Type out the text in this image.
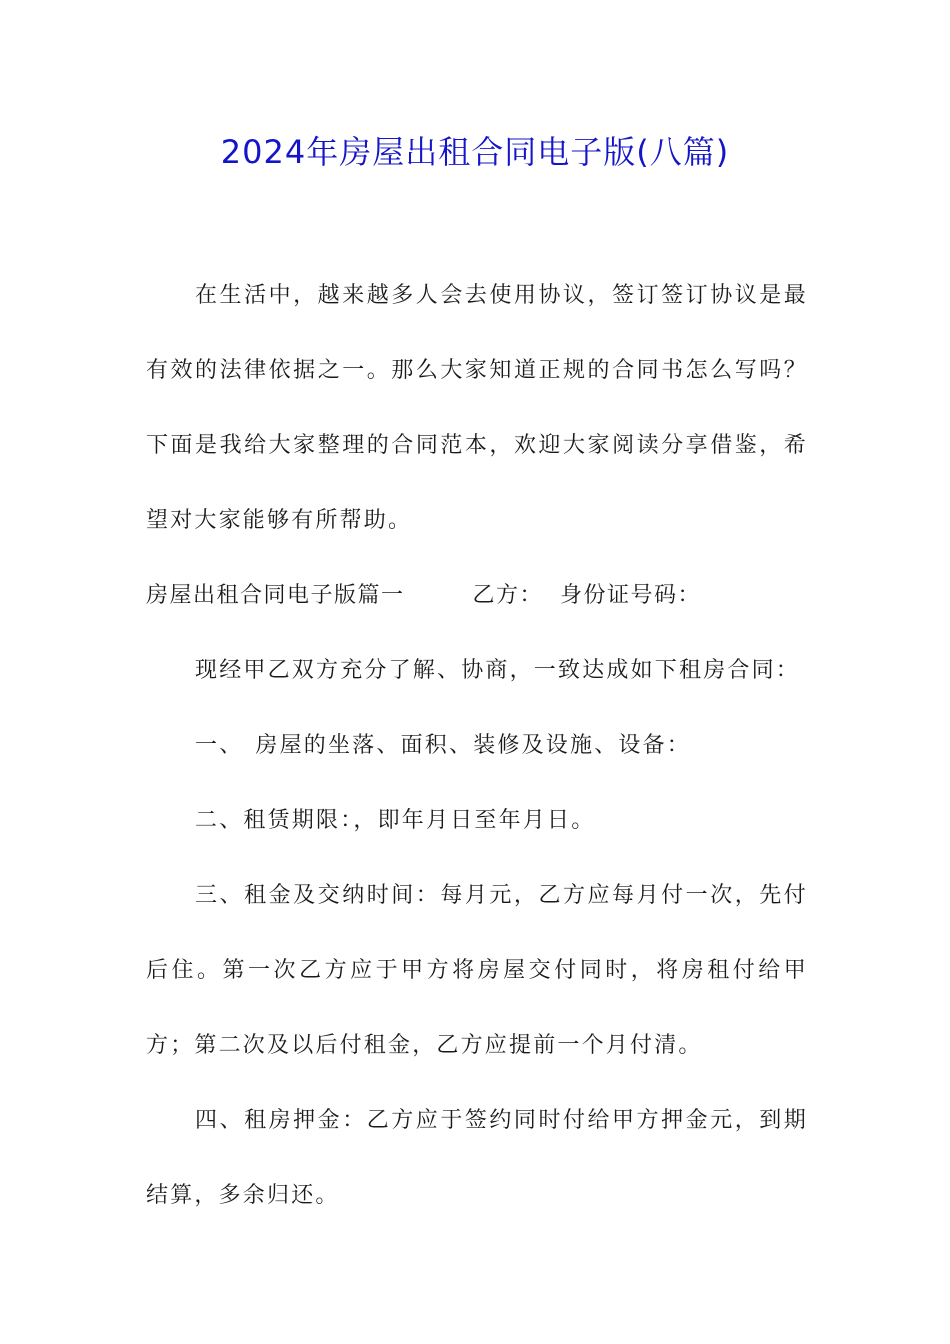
2024年房屋出租合同电子版(八篇)

在生活中，越来越多人会去使用协议，签订签订协议是最有效的法律依据之一。那么大家知道正规的合同书怎么写吗？下面是我给大家整理的合同范本，欢迎大家阅读分享借鉴，希望对大家能够有所帮助。

房屋出租合同电子版篇一	乙方： 身份证号码：

现经甲乙双方充分了解、协商，一致达成如下租房合同：

一、 房屋的坐落、面积、装修及设施、设备：

二、租赁期限：，即年月日至年月日。

三、租金及交纳时间：每月元，乙方应每月付一次，先付后住。第一次乙方应于甲方将房屋交付同时，将房租付给甲方；第二次及以后付租金，乙方应提前一个月付清。

四、租房押金：乙方应于签约同时付给甲方押金元，到期结算，多余归还。
